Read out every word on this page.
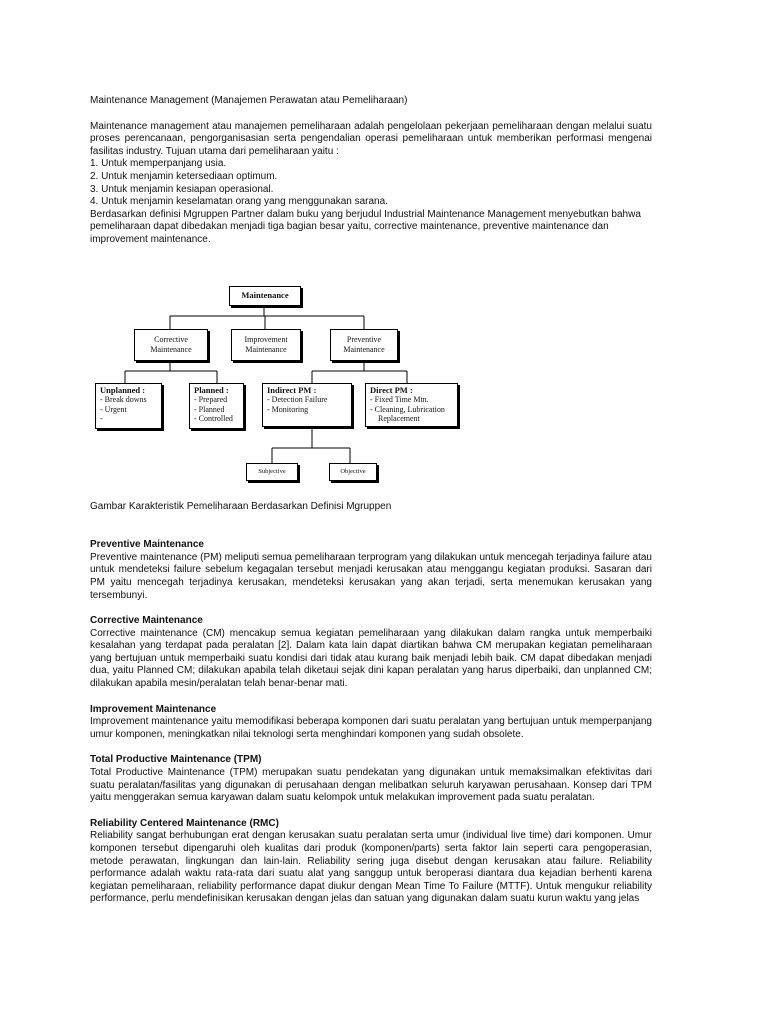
Maintenance Management (Manajemen Perawatan atau Pemeliharaan)

Maintenance management atau manajemen pemeliharaan adalah pengelolaan pekerjaan pemeliharaan dengan melalui suatu proses perencanaan, pengorganisasian serta pengendalian operasi pemeliharaan untuk memberikan performasi mengenai fasilitas industry. Tujuan utama dari pemeliharaan yaitu :

1. Untuk memperpanjang usia.
2. Untuk menjamin ketersediaan optimum.
3. Untuk menjamin kesiapan operasional.
4. Untuk menjamin keselamatan orang yang menggunakan sarana.

Berdasarkan definisi Mgruppen Partner dalam buku yang berjudul Industrial Maintenance Management menyebutkan bahwa pemeliharaan dapat dibedakan menjadi tiga bagian besar yaitu, corrective maintenance, preventive maintenance dan improvement maintenance.

Maintenance
Corrective
Maintenance
Improvement
Maintenance
Preventive
Maintenance
Unplanned :
- Break downs
- Urgent
-
Planned :
- Prepared
- Planned
- Controlled
Indirect PM :
- Detection Failure
- Monitoring
Direct PM :
- Fixed Time Mtn.
- Cleaning, Lubrication
Replacement
Subjective	Objective

Gambar Karakteristik Pemeliharaan Berdasarkan Definisi Mgruppen

Preventive Maintenance

Preventive maintenance (PM) meliputi semua pemeliharaan terprogram yang dilakukan untuk mencegah terjadinya failure atau untuk mendeteksi failure sebelum kegagalan tersebut menjadi kerusakan atau menggangu kegiatan produksi. Sasaran dari PM yaitu mencegah terjadinya kerusakan, mendeteksi kerusakan yang akan terjadi, serta menemukan kerusakan yang tersembunyi.

Corrective Maintenance

Corrective maintenance (CM) mencakup semua kegiatan pemeliharaan yang dilakukan dalam rangka untuk memperbaiki kesalahan yang terdapat pada peralatan [2]. Dalam kata lain dapat diartikan bahwa CM merupakan kegiatan pemeliharaan yang bertujuan untuk memperbaiki suatu kondisi dari tidak atau kurang baik menjadi lebih baik. CM dapat dibedakan menjadi dua, yaitu Planned CM; dilakukan apabila telah diketaui sejak dini kapan peralatan yang harus diperbaiki, dan unplanned CM; dilakukan apabila mesin/peralatan telah benar-benar mati.

Improvement Maintenance

Improvement maintenance yaitu memodifikasi beberapa komponen dari suatu peralatan yang bertujuan untuk memperpanjang umur komponen, meningkatkan nilai teknologi serta menghindari komponen yang sudah obsolete.

Total Productive Maintenance (TPM)

Total Productive Maintenance (TPM) merupakan suatu pendekatan yang digunakan untuk memaksimalkan efektivitas dari suatu peralatan/fasilitas yang digunakan di perusahaan dengan melibatkan seluruh karyawan perusahaan. Konsep dari TPM yaitu menggerakan semua karyawan dalam suatu kelompok untuk melakukan improvement pada suatu peralatan.

Reliability Centered Maintenance (RMC)

Reliability sangat berhubungan erat dengan kerusakan suatu peralatan serta umur (individual live time) dari komponen. Umur komponen tersebut dipengaruhi oleh kualitas dari produk (komponen/parts) serta faktor lain seperti cara pengoperasian, metode perawatan, lingkungan dan lain-lain. Reliability sering juga disebut dengan kerusakan atau failure. Reliability performance adalah waktu rata-rata dari suatu alat yang sanggup untuk beroperasi diantara dua kejadian berhenti karena kegiatan pemeliharaan, reliability performance dapat diukur dengan Mean Time To Failure (MTTF). Untuk mengukur reliability performance, perlu mendefinisikan kerusakan dengan jelas dan satuan yang digunakan dalam suatu kurun waktu yang jelas
